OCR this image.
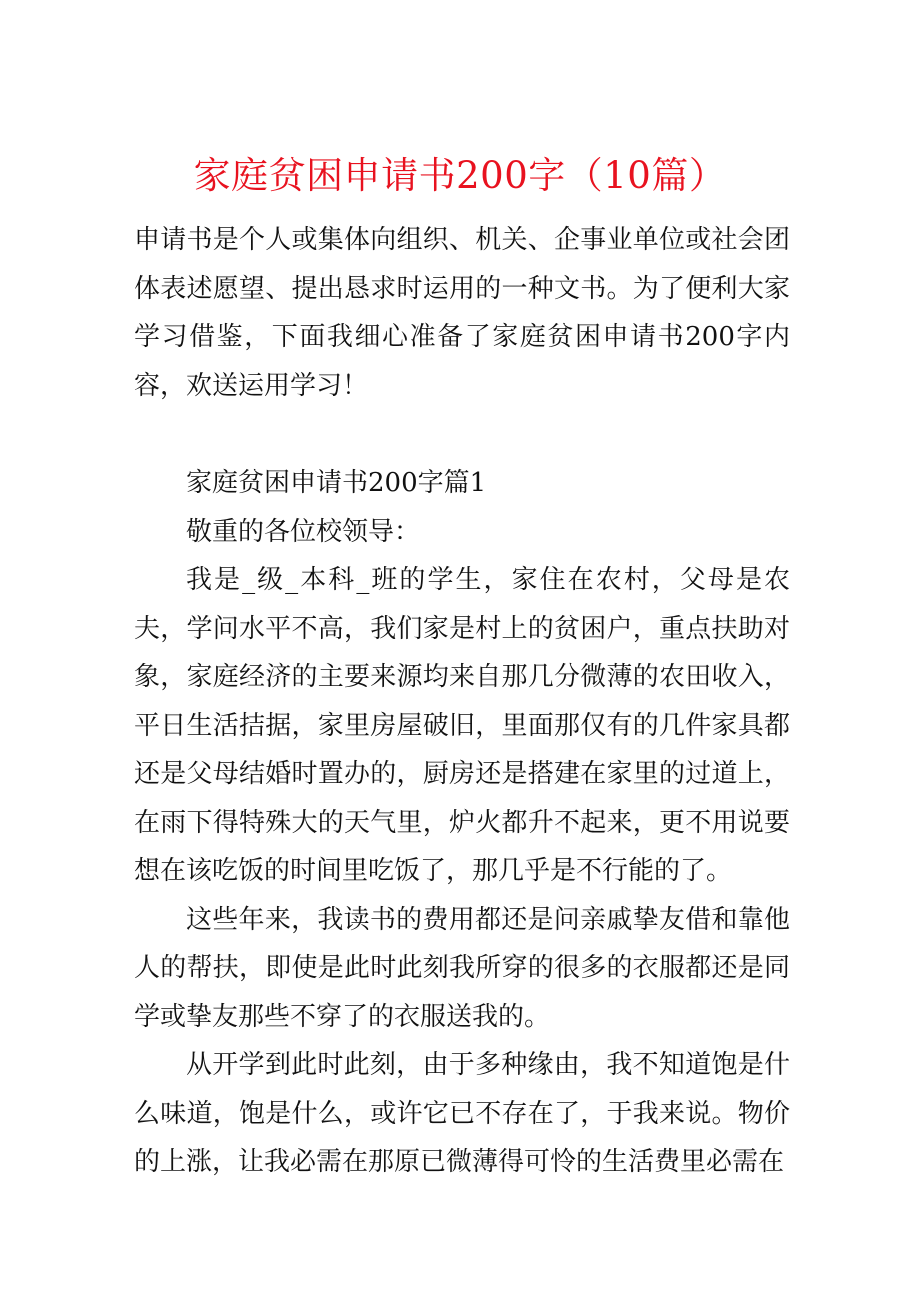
家庭贫困申请书200字（10篇）

申请书是个人或集体向组织、机关、企事业单位或社会团体表述愿望、提出恳求时运用的一种文书。为了便利大家学习借鉴，下面我细心准备了家庭贫困申请书200字内容，欢送运用学习！

家庭贫困申请书200字篇1

敬重的各位校领导：

我是_级_本科_班的学生，家住在农村，父母是农夫，学问水平不高，我们家是村上的贫困户，重点扶助对象，家庭经济的主要来源均来自那几分微薄的农田收入，平日生活拮据，家里房屋破旧，里面那仅有的几件家具都还是父母结婚时置办的，厨房还是搭建在家里的过道上，在雨下得特殊大的天气里，炉火都升不起来，更不用说要想在该吃饭的时间里吃饭了，那几乎是不行能的了。

这些年来，我读书的费用都还是问亲戚挚友借和靠他人的帮扶，即使是此时此刻我所穿的很多的衣服都还是同学或挚友那些不穿了的衣服送我的。

从开学到此时此刻，由于多种缘由，我不知道饱是什么味道，饱是什么，或许它已不存在了，于我来说。物价的上涨，让我必需在那原已微薄得可怜的生活费里必需在
